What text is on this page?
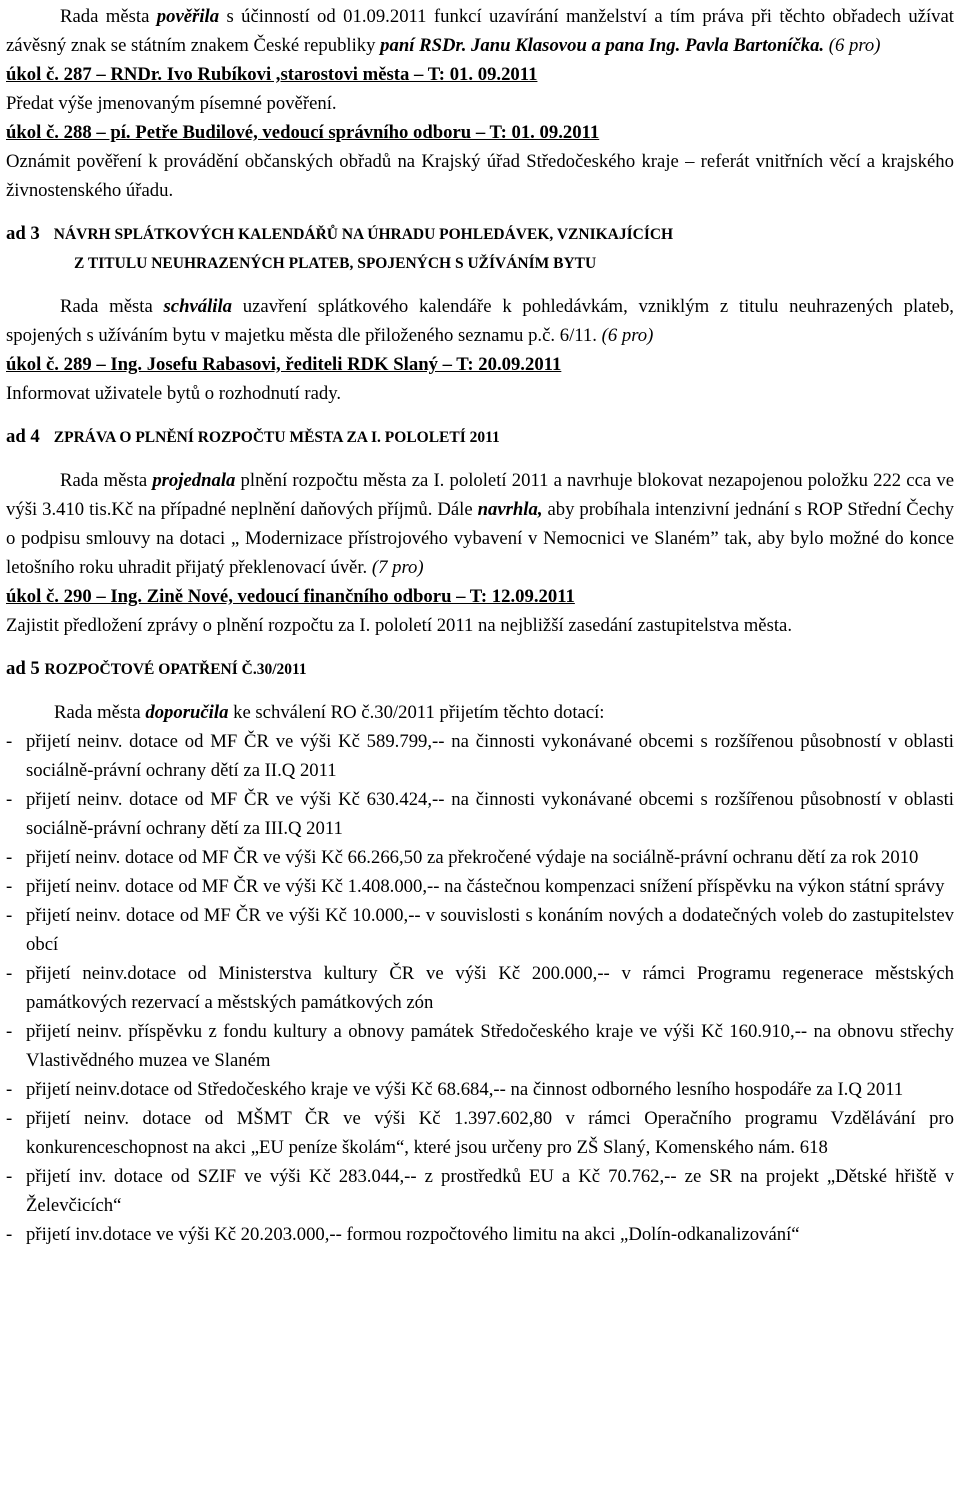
Rada města pověřila s účinností od 01.09.2011 funkcí uzavírání manželství a tím práva při těchto obřadech užívat závěsný znak se státním znakem České republiky paní RSDr. Janu Klasovou a pana Ing. Pavla Bartoníčka. (6 pro)

úkol č. 287 – RNDr. Ivo Rubíkovi ,starostovi města – T: 01. 09.2011

Předat výše jmenovaným písemné pověření.

úkol č. 288 – pí. Petře Budilové, vedoucí správního odboru – T: 01. 09.2011

Oznámit pověření k provádění občanských obřadů na Krajský úřad Středočeského kraje – referát vnitřních věcí a krajského živnostenského úřadu.

ad 3 NÁVRH SPLÁTKOVÝCH KALENDÁŘŮ NA ÚHRADU POHLEDÁVEK, VZNIKAJÍCÍCH

Z TITULU NEUHRAZENÝCH PLATEB, SPOJENÝCH S UŽÍVÁNÍM BYTU

Rada města schválila uzavření splátkového kalendáře k pohledávkám, vzniklým z titulu neuhrazených plateb, spojených s užíváním bytu v majetku města dle přiloženého seznamu p.č. 6/11. (6 pro)

úkol č. 289 – Ing. Josefu Rabasovi, řediteli RDK Slaný – T: 20.09.2011

Informovat uživatele bytů o rozhodnutí rady.

ad 4 ZPRÁVA O PLNĚNÍ ROZPOČTU MĚSTA ZA I. POLOLETÍ 2011

Rada města projednala plnění rozpočtu města za I. pololetí 2011 a navrhuje blokovat nezapojenou položku 222 cca ve výši 3.410 tis.Kč na případné neplnění daňových příjmů. Dále navrhla, aby probíhala intenzivní jednání s ROP Střední Čechy o podpisu smlouvy na dotaci „ Modernizace přístrojového vybavení v Nemocnici ve Slaném” tak, aby bylo možné do konce letošního roku uhradit přijatý překlenovací úvěr. (7 pro)

úkol č. 290 – Ing. Zině Nové, vedoucí finančního odboru – T: 12.09.2011

Zajistit předložení zprávy o plnění rozpočtu za I. pololetí 2011 na nejbližší zasedání zastupitelstva města.

ad 5 ROZPOČTOVÉ OPATŘENÍ Č.30/2011

Rada města doporučila ke schválení RO č.30/2011 přijetím těchto dotací:

- přijetí neinv. dotace od MF ČR ve výši Kč 589.799,-- na činnosti vykonávané obcemi s rozšířenou působností v oblasti sociálně-právní ochrany dětí za II.Q 2011
- přijetí neinv. dotace od MF ČR ve výši Kč 630.424,-- na činnosti vykonávané obcemi s rozšířenou působností v oblasti sociálně-právní ochrany dětí za III.Q 2011
- přijetí neinv. dotace od MF ČR ve výši Kč 66.266,50 za překročené výdaje na sociálně-právní ochranu dětí za rok 2010
- přijetí neinv. dotace od MF ČR ve výši Kč 1.408.000,-- na částečnou kompenzaci snížení příspěvku na výkon státní správy
- přijetí neinv. dotace od MF ČR ve výši Kč 10.000,-- v souvislosti s konáním nových a dodatečných voleb do zastupitelstev obcí
- přijetí neinv.dotace od Ministerstva kultury ČR ve výši Kč 200.000,-- v rámci Programu regenerace městských památkových rezervací a městských památkových zón
- přijetí neinv. příspěvku z fondu kultury a obnovy památek Středočeského kraje ve výši Kč 160.910,-- na obnovu střechy Vlastivědného muzea ve Slaném
- přijetí neinv.dotace od Středočeského kraje ve výši Kč 68.684,-- na činnost odborného lesního hospodáře za I.Q 2011
- přijetí neinv. dotace od MŠMT ČR ve výši Kč 1.397.602,80 v rámci Operačního programu Vzdělávání pro konkurenceschopnost na akci „EU peníze školám“, které jsou určeny pro ZŠ Slaný, Komenského nám. 618
- přijetí inv. dotace od SZIF ve výši Kč 283.044,-- z prostředků EU a Kč 70.762,-- ze SR na projekt „Dětské hřiště v Želevčicích“
- přijetí inv.dotace ve výši Kč 20.203.000,-- formou rozpočtového limitu na akci „Dolín-odkanalizování“
